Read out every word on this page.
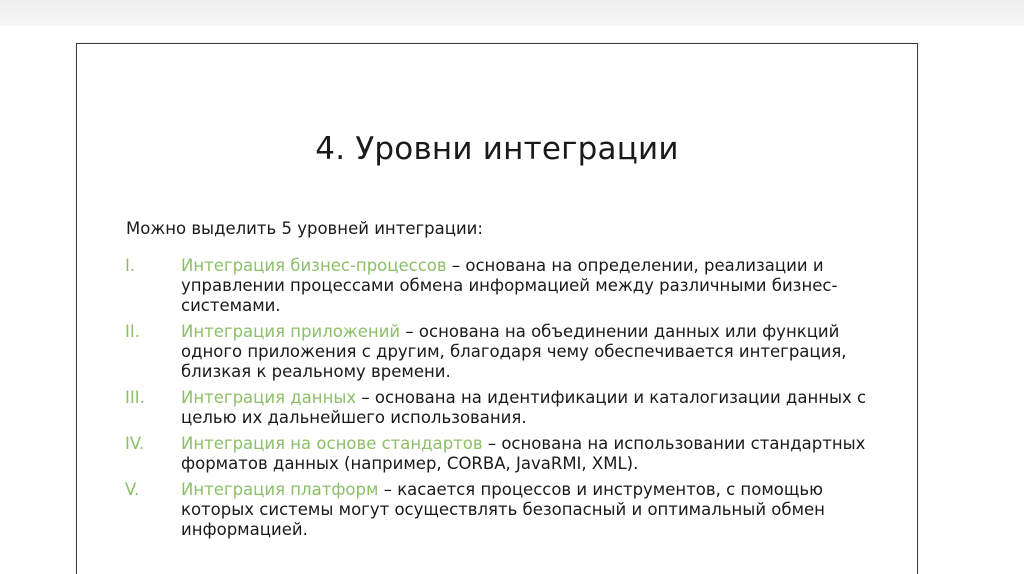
4. Уровни интеграции

Можно выделить 5 уровней интеграции:

I.	Интеграция бизнес-процессов – основана на определении, реализации и управлении процессами обмена информацией между различными бизнес-системами.
II. Интеграция приложений – основана на объединении данных или функций одного приложения с другим, благодаря чему обеспечивается интеграция, близкая к реальному времени.
III. Интеграция данных – основана на идентификации и каталогизации данных с целью их дальнейшего использования.
IV. Интеграция на основе стандартов – основана на использовании стандартных форматов данных (например, CORBA, JavaRMI, XML).
V.	Интеграция платформ – касается процессов и инструментов, с помощью которых системы могут осуществлять безопасный и оптимальный обмен информацией.
